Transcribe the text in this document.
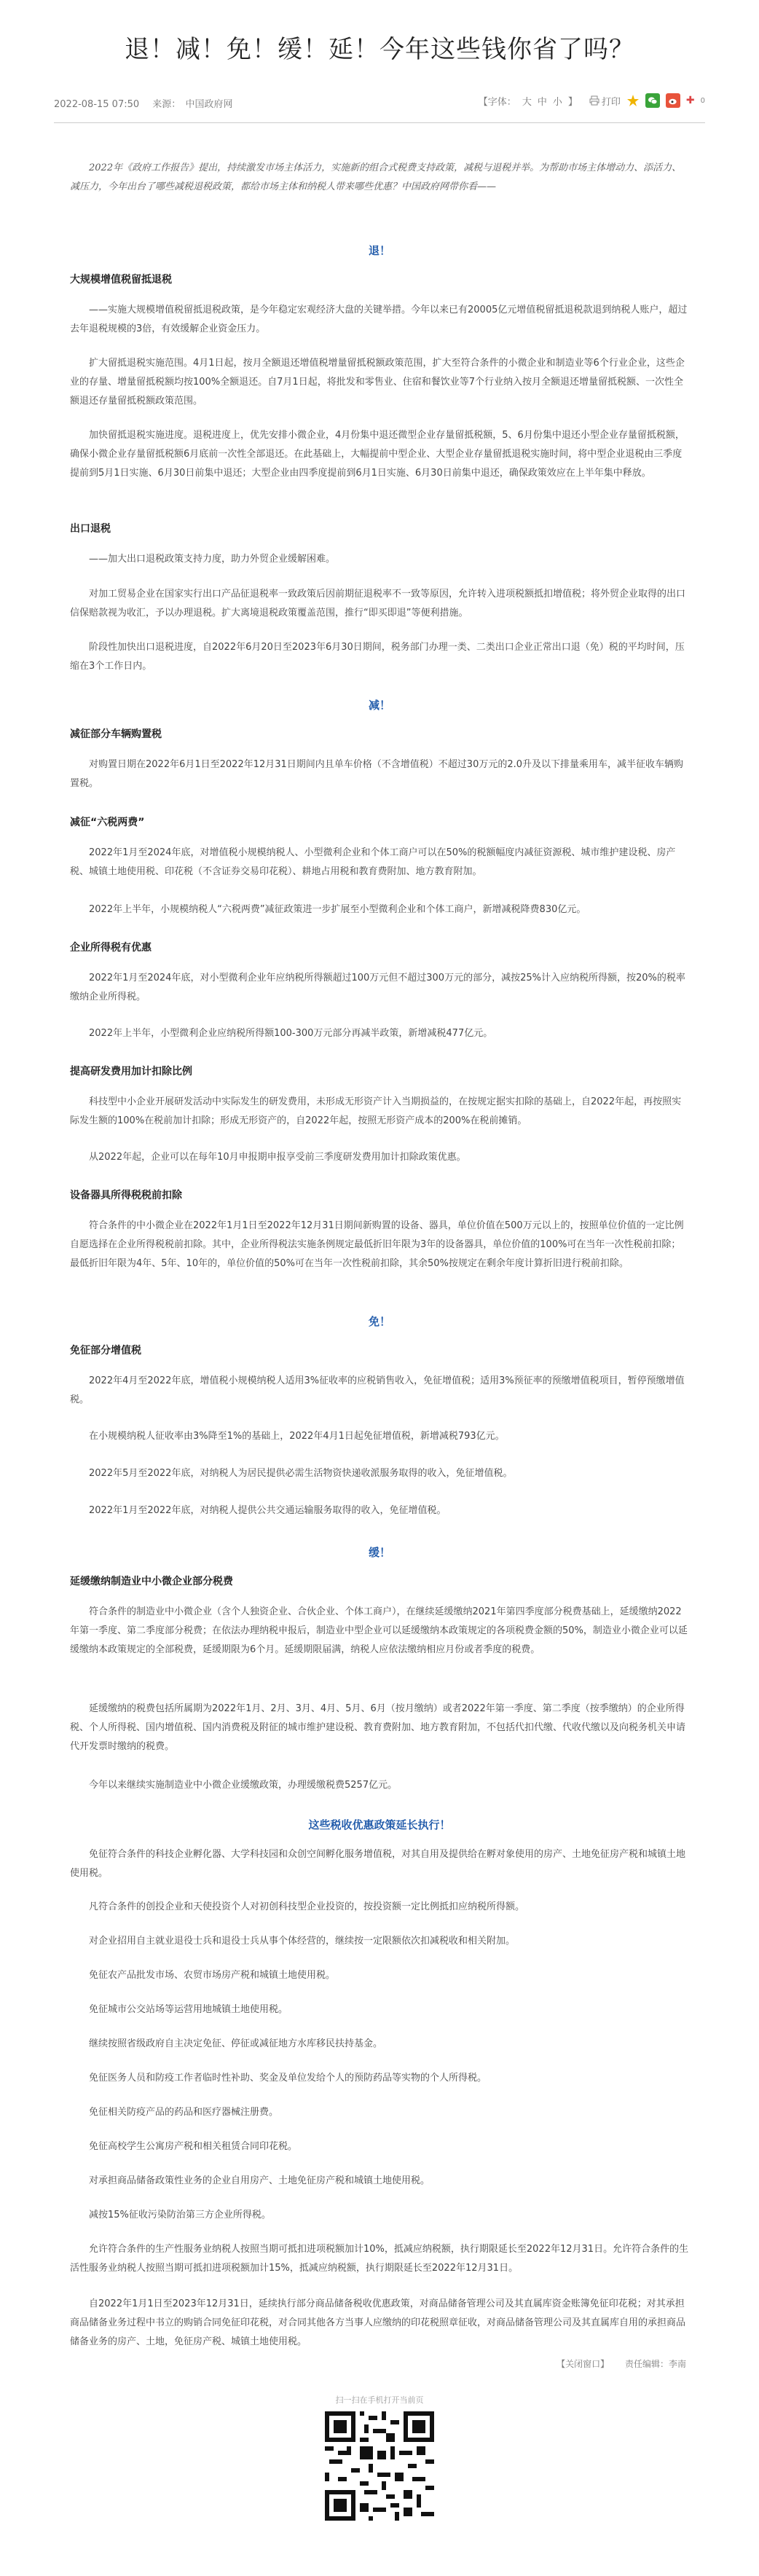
退！减！免！缓！延！今年这些钱你省了吗？
2022-08-15 07:50 来源： 中国政府网	【字体： 大 中 小 】	打印	✚ 0

2022年《政府工作报告》提出，持续激发市场主体活力，实施新的组合式税费支持政策，减税与退税并举。为帮助市场主体增动力、添活力、减压力，今年出台了哪些减税退税政策，都给市场主体和纳税人带来哪些优惠？中国政府网带你看——

退！
大规模增值税留抵退税

——实施大规模增值税留抵退税政策，是今年稳定宏观经济大盘的关键举措。今年以来已有20005亿元增值税留抵退税款退到纳税人账户，超过去年退税规模的3倍，有效缓解企业资金压力。

扩大留抵退税实施范围。4月1日起，按月全额退还增值税增量留抵税额政策范围，扩大至符合条件的小微企业和制造业等6个行业企业，这些企业的存量、增量留抵税额均按100%全额退还。自7月1日起，将批发和零售业、住宿和餐饮业等7个行业纳入按月全额退还增量留抵税额、一次性全额退还存量留抵税额政策范围。

加快留抵退税实施进度。退税进度上，优先安排小微企业，4月份集中退还微型企业存量留抵税额，5、6月份集中退还小型企业存量留抵税额，确保小微企业存量留抵税额6月底前一次性全部退还。在此基础上，大幅提前中型企业、大型企业存量留抵退税实施时间，将中型企业退税由三季度提前到5月1日实施、6月30日前集中退还；大型企业由四季度提前到6月1日实施、6月30日前集中退还，确保政策效应在上半年集中释放。

出口退税

——加大出口退税政策支持力度，助力外贸企业缓解困难。

对加工贸易企业在国家实行出口产品征退税率一致政策后因前期征退税率不一致等原因，允许转入进项税额抵扣增值税；将外贸企业取得的出口信保赔款视为收汇，予以办理退税。扩大离境退税政策覆盖范围，推行“即买即退”等便利措施。

阶段性加快出口退税进度，自2022年6月20日至2023年6月30日期间，税务部门办理一类、二类出口企业正常出口退（免）税的平均时间，压缩在3个工作日内。

减！
减征部分车辆购置税

对购置日期在2022年6月1日至2022年12月31日期间内且单车价格（不含增值税）不超过30万元的2.0升及以下排量乘用车，减半征收车辆购置税。

减征“六税两费”

2022年1月至2024年底，对增值税小规模纳税人、小型微利企业和个体工商户可以在50%的税额幅度内减征资源税、城市维护建设税、房产税、城镇土地使用税、印花税（不含证券交易印花税）、耕地占用税和教育费附加、地方教育附加。

2022年上半年，小规模纳税人“六税两费”减征政策进一步扩展至小型微利企业和个体工商户，新增减税降费830亿元。

企业所得税有优惠

2022年1月至2024年底，对小型微利企业年应纳税所得额超过100万元但不超过300万元的部分，减按25%计入应纳税所得额，按20%的税率缴纳企业所得税。

2022年上半年，小型微利企业应纳税所得额100-300万元部分再减半政策，新增减税477亿元。

提高研发费用加计扣除比例

科技型中小企业开展研发活动中实际发生的研发费用，未形成无形资产计入当期损益的，在按规定据实扣除的基础上，自2022年起，再按照实际发生额的100%在税前加计扣除；形成无形资产的，自2022年起，按照无形资产成本的200%在税前摊销。

从2022年起，企业可以在每年10月申报期申报享受前三季度研发费用加计扣除政策优惠。

设备器具所得税税前扣除

符合条件的中小微企业在2022年1月1日至2022年12月31日期间新购置的设备、器具，单位价值在500万元以上的，按照单位价值的一定比例自愿选择在企业所得税税前扣除。其中，企业所得税法实施条例规定最低折旧年限为3年的设备器具，单位价值的100%可在当年一次性税前扣除；最低折旧年限为4年、5年、10年的，单位价值的50%可在当年一次性税前扣除，其余50%按规定在剩余年度计算折旧进行税前扣除。

免！
免征部分增值税

2022年4月至2022年底，增值税小规模纳税人适用3%征收率的应税销售收入，免征增值税；适用3%预征率的预缴增值税项目，暂停预缴增值税。

在小规模纳税人征收率由3%降至1%的基础上，2022年4月1日起免征增值税，新增减税793亿元。

2022年5月至2022年底，对纳税人为居民提供必需生活物资快递收派服务取得的收入，免征增值税。

2022年1月至2022年底，对纳税人提供公共交通运输服务取得的收入，免征增值税。

缓！
延缓缴纳制造业中小微企业部分税费

符合条件的制造业中小微企业（含个人独资企业、合伙企业、个体工商户），在继续延缓缴纳2021年第四季度部分税费基础上，延缓缴纳2022年第一季度、第二季度部分税费；在依法办理纳税申报后，制造业中型企业可以延缓缴纳本政策规定的各项税费金额的50%，制造业小微企业可以延缓缴纳本政策规定的全部税费，延缓期限为6个月。延缓期限届满，纳税人应依法缴纳相应月份或者季度的税费。

延缓缴纳的税费包括所属期为2022年1月、2月、3月、4月、5月、6月（按月缴纳）或者2022年第一季度、第二季度（按季缴纳）的企业所得税、个人所得税、国内增值税、国内消费税及附征的城市维护建设税、教育费附加、地方教育附加，不包括代扣代缴、代收代缴以及向税务机关申请代开发票时缴纳的税费。

今年以来继续实施制造业中小微企业缓缴政策，办理缓缴税费5257亿元。

这些税收优惠政策延长执行！

免征符合条件的科技企业孵化器、大学科技园和众创空间孵化服务增值税，对其自用及提供给在孵对象使用的房产、土地免征房产税和城镇土地使用税。

凡符合条件的创投企业和天使投资个人对初创科技型企业投资的，按投资额一定比例抵扣应纳税所得额。

对企业招用自主就业退役士兵和退役士兵从事个体经营的，继续按一定限额依次扣减税收和相关附加。

免征农产品批发市场、农贸市场房产税和城镇土地使用税。

免征城市公交站场等运营用地城镇土地使用税。

继续按照省级政府自主决定免征、停征或减征地方水库移民扶持基金。

免征医务人员和防疫工作者临时性补助、奖金及单位发给个人的预防药品等实物的个人所得税。

免征相关防疫产品的药品和医疗器械注册费。

免征高校学生公寓房产税和相关租赁合同印花税。

对承担商品储备政策性业务的企业自用房产、土地免征房产税和城镇土地使用税。

减按15%征收污染防治第三方企业所得税。

允许符合条件的生产性服务业纳税人按照当期可抵扣进项税额加计10%，抵减应纳税额，执行期限延长至2022年12月31日。允许符合条件的生活性服务业纳税人按照当期可抵扣进项税额加计15%，抵减应纳税额，执行期限延长至2022年12月31日。

自2022年1月1日至2023年12月31日，延续执行部分商品储备税收优惠政策，对商品储备管理公司及其直属库资金账簿免征印花税；对其承担商品储备业务过程中书立的购销合同免征印花税，对合同其他各方当事人应缴纳的印花税照章征收，对商品储备管理公司及其直属库自用的承担商品储备业务的房产、土地，免征房产税、城镇土地使用税。

【关闭窗口】 责任编辑：李南
扫一扫在手机打开当前页
